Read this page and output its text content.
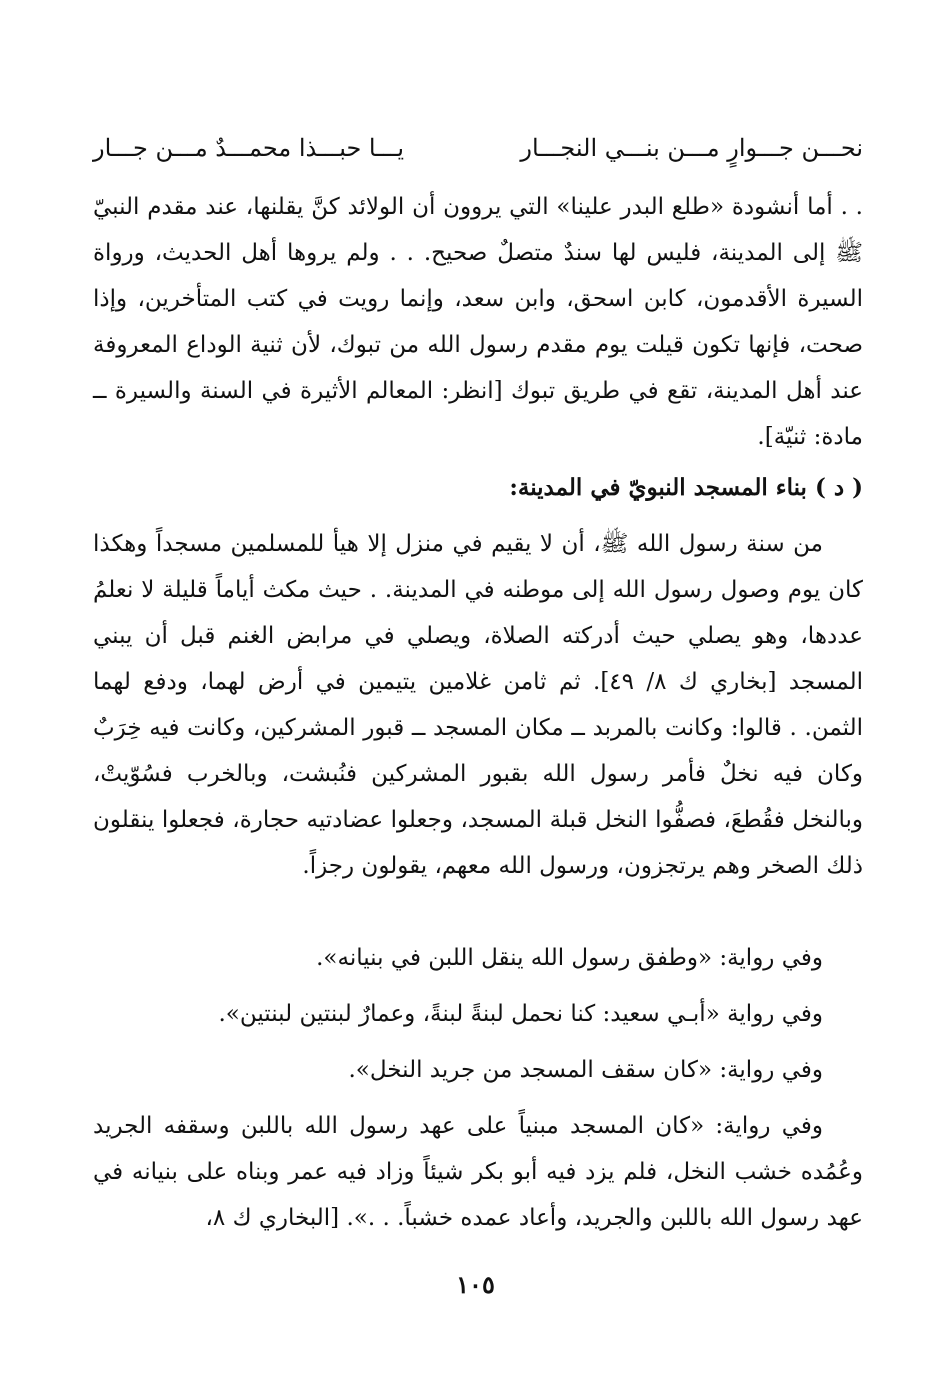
نحـــن جـــوارٍ مـــن بنـــي النجـــار
يـــا حبـــذا محمـــدٌ مـــن جـــار

. . أما أنشودة «طلع البدر علينا» التي يروون أن الولائد كنَّ يقلنها، عند مقدم النبيّ ﷺ إلى المدينة، فليس لها سندٌ متصلٌ صحيح. . . ولم يروها أهل الحديث، ورواة السيرة الأقدمون، كابن اسحق، وابن سعد، وإنما رويت في كتب المتأخرين، وإذا صحت، فإنها تكون قيلت يوم مقدم رسول الله من تبوك، لأن ثنية الوداع المعروفة عند أهل المدينة، تقع في طريق تبوك [انظر: المعالم الأثيرة في السنة والسيرة ــ مادة: ثنيّة].

( د ) بناء المسجد النبويّ في المدينة:

من سنة رسول الله ﷺ، أن لا يقيم في منزل إلا هيأ للمسلمين مسجداً وهكذا كان يوم وصول رسول الله إلى موطنه في المدينة. . حيث مكث أياماً قليلة لا نعلمُ عددها، وهو يصلي حيث أدركته الصلاة، ويصلي في مرابض الغنم قبل أن يبني المسجد [بخاري ك ٨/ ٤٩]. ثم ثامن غلامين يتيمين في أرض لهما، ودفع لهما الثمن. . قالوا: وكانت بالمربد ــ مكان المسجد ــ قبور المشركين، وكانت فيه خِرَبٌ وكان فيه نخلٌ فأمر رسول الله بقبور المشركين فنُبشت، وبالخرب فسُوّيتْ، وبالنخل فقُطعَ، فصفُّوا النخل قبلة المسجد، وجعلوا عضادتيه حجارة، فجعلوا ينقلون ذلك الصخر وهم يرتجزون، ورسول الله معهم، يقولون رجزاً.

وفي رواية: «وطفق رسول الله ينقل اللبن في بنيانه».
وفي رواية «أبـي سعيد: كنا نحمل لبنةً لبنةً، وعمارٌ لبنتين لبنتين».
وفي رواية: «كان سقف المسجد من جريد النخل».

وفي رواية: «كان المسجد مبنياً على عهد رسول الله باللبن وسقفه الجريد وعُمُده خشب النخل، فلم يزد فيه أبو بكر شيئاً وزاد فيه عمر وبناه على بنيانه في عهد رسول الله باللبن والجريد، وأعاد عمده خشباً. . .». [البخاري ك ٨،

١٠٥
